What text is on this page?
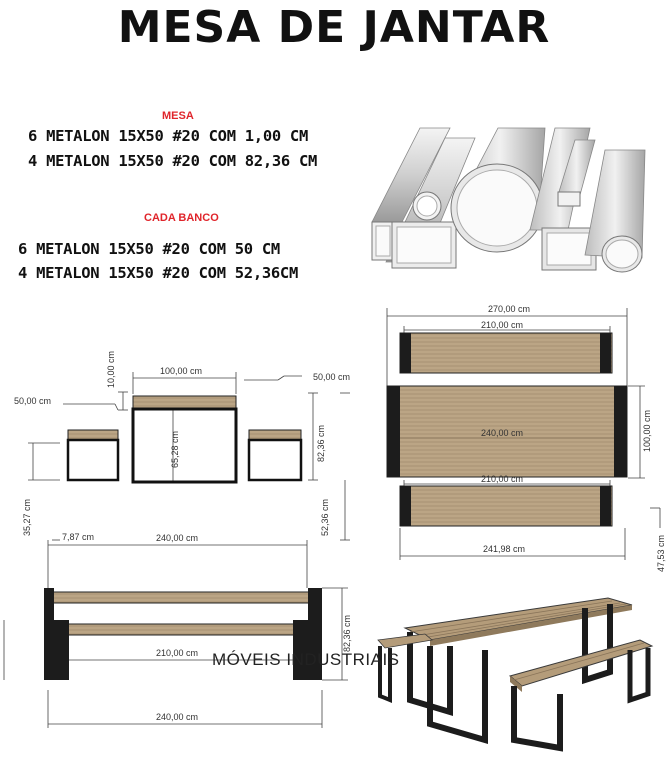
MESA DE JANTAR
MESA
6 METALON 15X50 #20 COM 1,00 CM
4 METALON 15X50 #20 COM 82,36 CM
CADA BANCO
6 METALON 15X50 #20 COM 50 CM
4 METALON 15X50 #20 COM 52,36CM
100,00 cm
10,00 cm
50,00 cm
50,00 cm
65,28 cm	82,36 cm
35,27 cm	52,36 cm
270,00 cm
210,00 cm
240,00 cm	100,00 cm
210,00 cm
241,98 cm	47,53 cm
7,87 cm	240,00 cm
210,00 cm
240,00 cm
82,36 cm
MÓVEIS INDUSTRIAIS
